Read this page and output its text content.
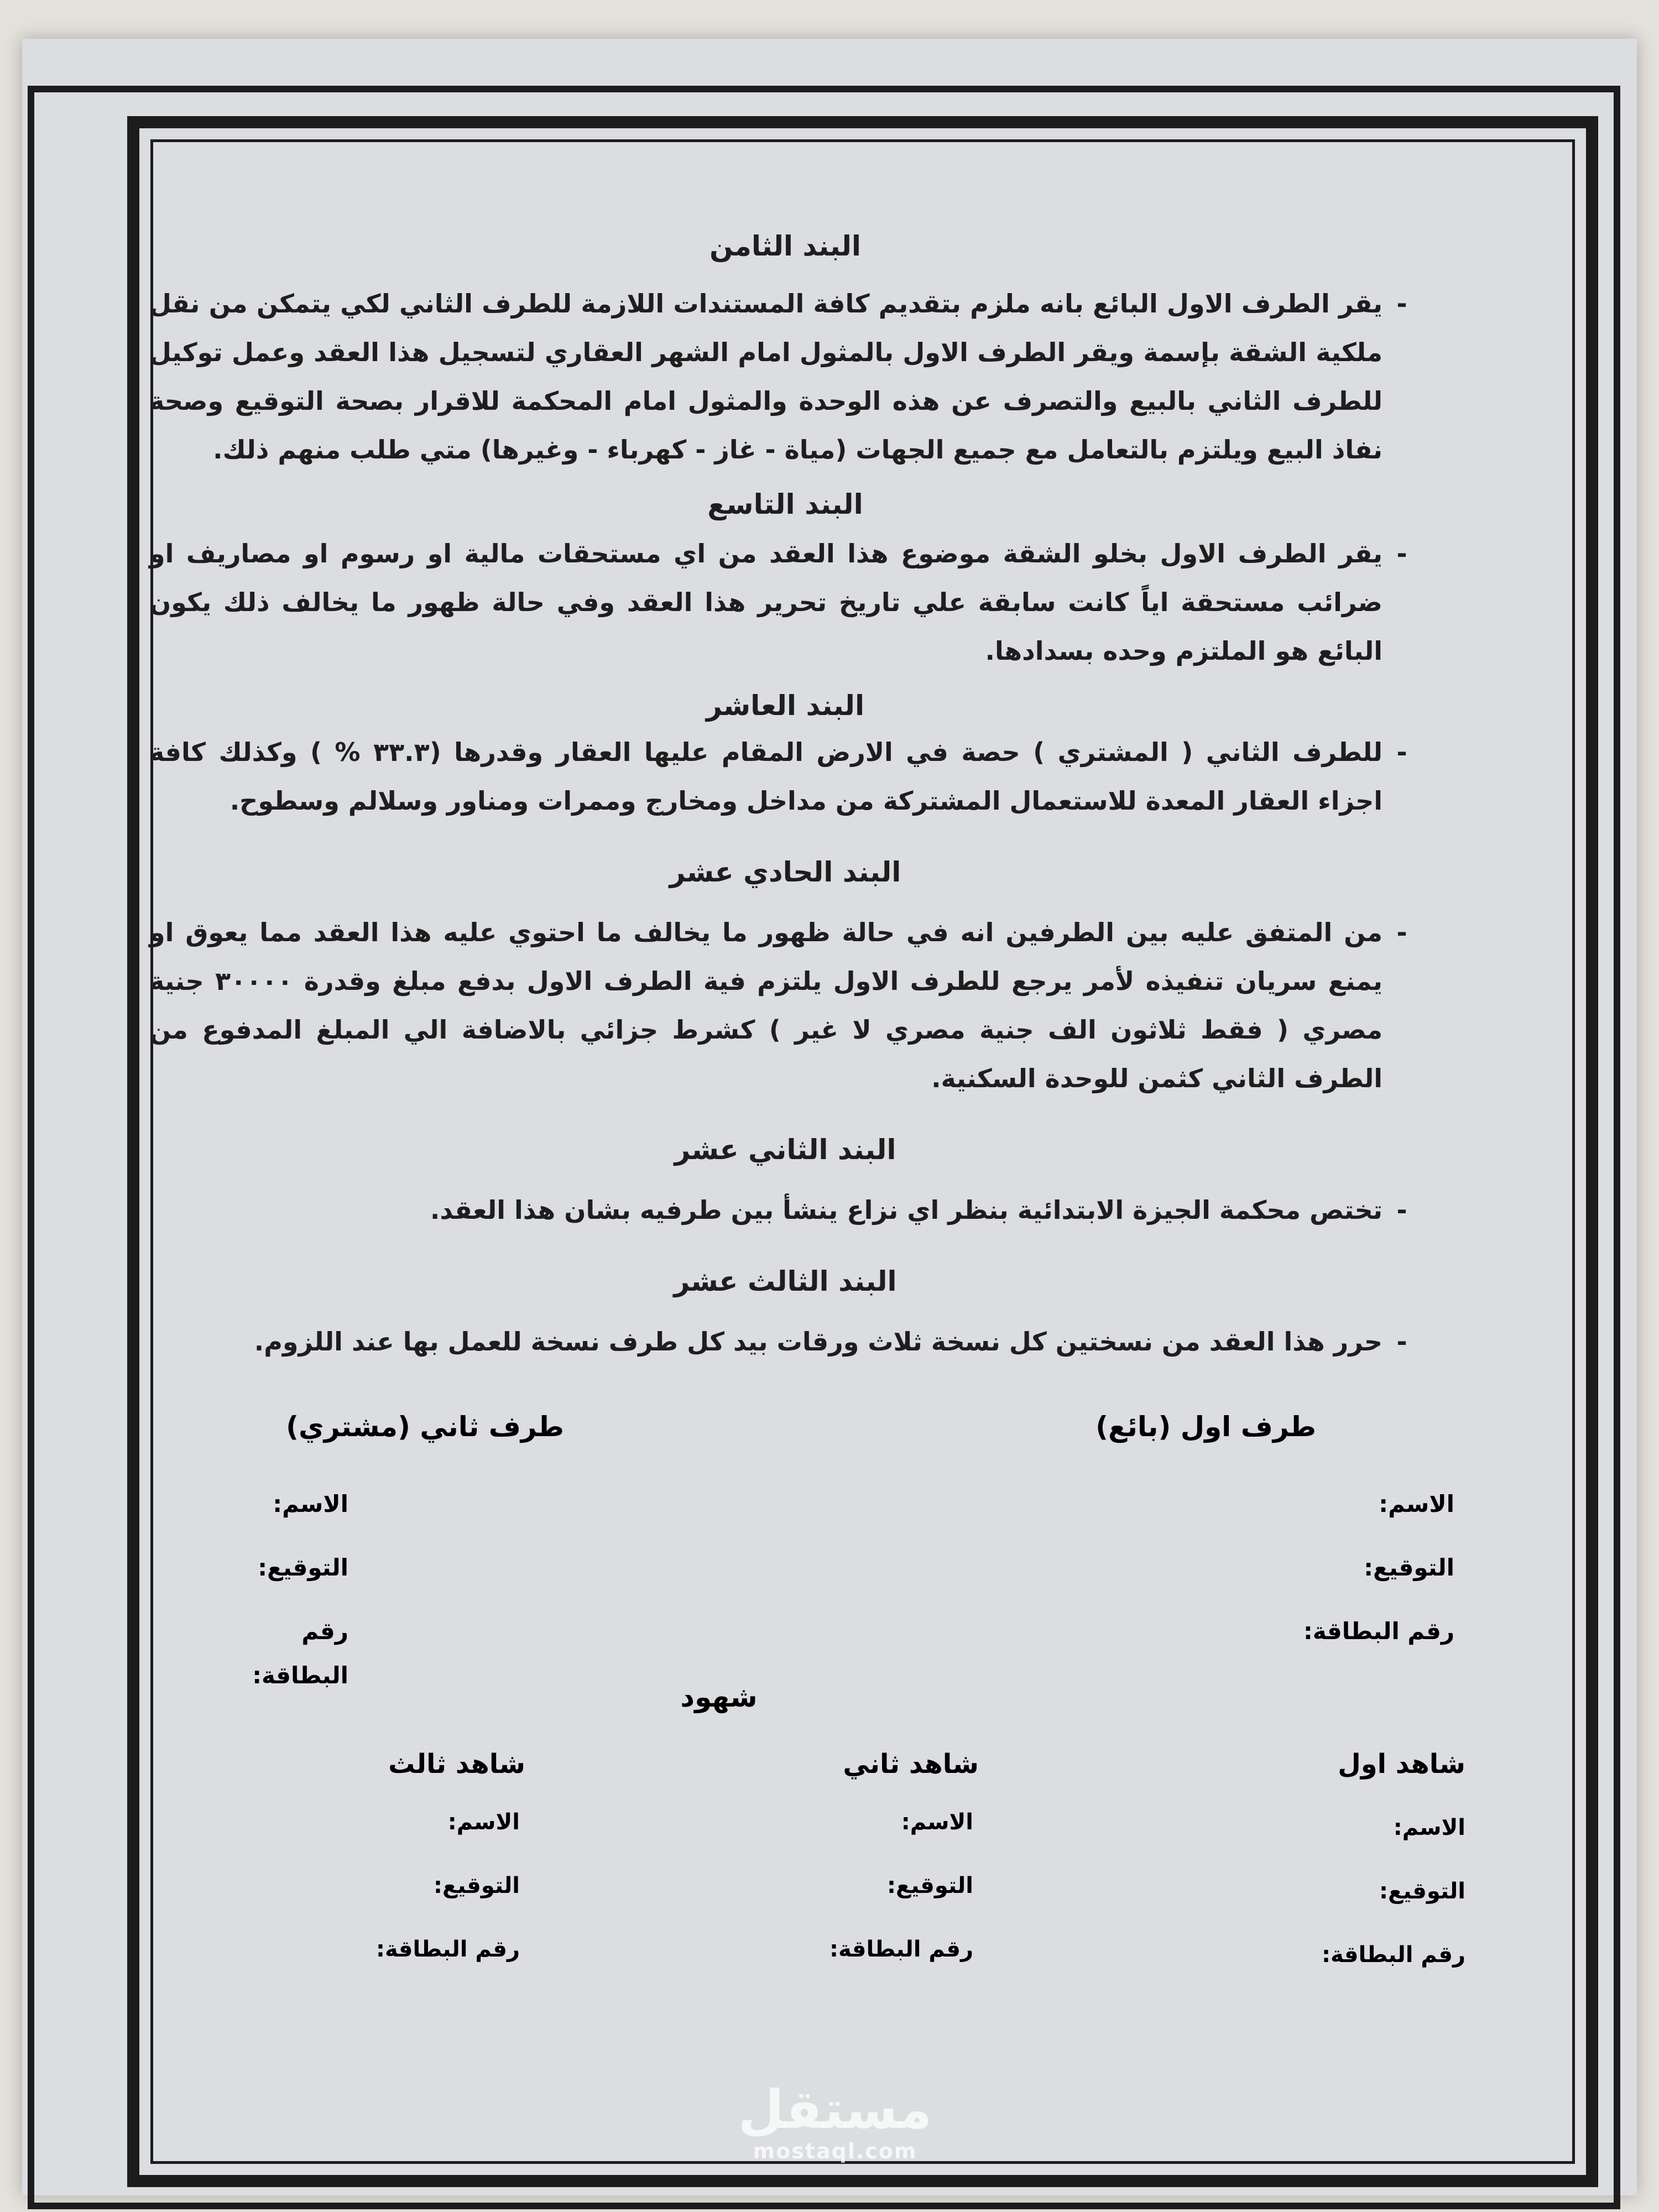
البند الثامن
-
يقر الطرف الاول البائع بانه ملزم بتقديم كافة المستندات اللازمة للطرف الثاني لكي يتمكن من نقل ملكية الشقة بإسمة ويقر الطرف الاول بالمثول امام الشهر العقاري لتسجيل هذا العقد وعمل توكيل للطرف الثاني بالبيع والتصرف عن هذه الوحدة والمثول امام المحكمة للاقرار بصحة التوقيع وصحة نفاذ البيع ويلتزم بالتعامل مع جميع الجهات (مياة - غاز - كهرباء - وغيرها) متي طلب منهم ذلك.
البند التاسع
-
يقر الطرف الاول بخلو الشقة موضوع هذا العقد من اي مستحقات مالية او رسوم او مصاريف او ضرائب مستحقة اياً كانت سابقة علي تاريخ تحرير هذا العقد وفي حالة ظهور ما يخالف ذلك يكون البائع هو الملتزم وحده بسدادها.
البند العاشر
-
للطرف الثاني ( المشتري ) حصة في الارض المقام عليها العقار وقدرها (٣٣.٣ % ) وكذلك كافة اجزاء العقار المعدة للاستعمال المشتركة من مداخل ومخارج وممرات ومناور وسلالم وسطوح.
البند الحادي عشر
-
من المتفق عليه بين الطرفين انه في حالة ظهور ما يخالف ما احتوي عليه هذا العقد مما يعوق او يمنع سريان تنفيذه لأمر يرجع للطرف الاول يلتزم فية الطرف الاول بدفع مبلغ وقدرة ٣٠٠٠٠ جنية مصري ( فقط ثلاثون الف جنية مصري لا غير ) كشرط جزائي بالاضافة الي المبلغ المدفوع من الطرف الثاني كثمن للوحدة السكنية.
البند الثاني عشر
-
تختص محكمة الجيزة الابتدائية بنظر اي نزاع ينشأ بين طرفيه بشان هذا العقد.
البند الثالث عشر
-
حرر هذا العقد من نسختين كل نسخة ثلاث ورقات بيد كل طرف نسخة للعمل بها عند اللزوم.
طرف اول (بائع)
الاسم:
التوقيع:
رقم البطاقة:
طرف ثاني (مشتري)
الاسم:
التوقيع:
رقم البطاقة:
شهود
شاهد اول
الاسم:
التوقيع:
رقم البطاقة:
شاهد ثاني
الاسم:
التوقيع:
رقم البطاقة:
شاهد ثالث
الاسم:
التوقيع:
رقم البطاقة:
مستقل
mostaql.com
